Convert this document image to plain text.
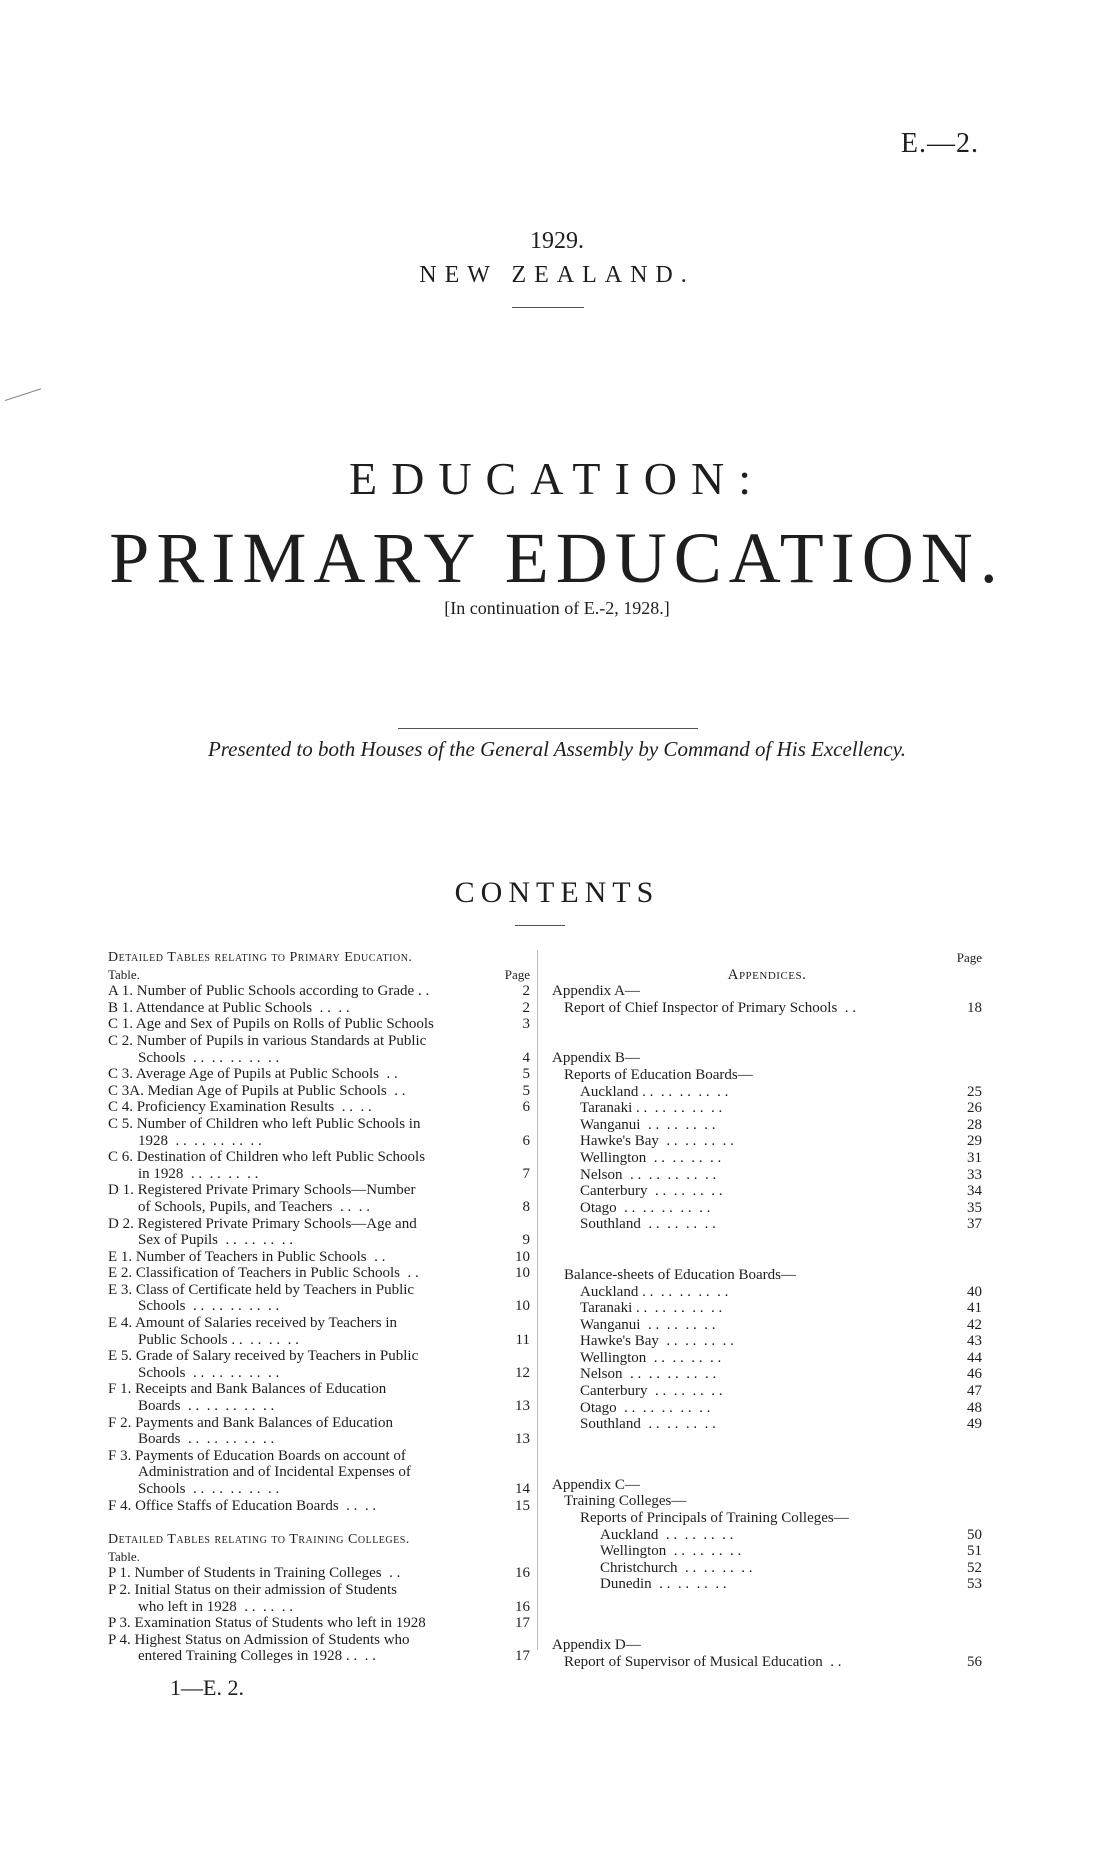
E.—2.
1929.
NEW ZEALAND.
EDUCATION:
PRIMARY EDUCATION.
[In continuation of E.-2, 1928.]
Presented to both Houses of the General Assembly by Command of His Excellency.
CONTENTS
Detailed Tables relating to Primary Education.
Table.	Page
A 1. Number of Public Schools according to Grade . .	2
B 1. Attendance at Public Schools  . .  . .	2
C 1. Age and Sex of Pupils on Rolls of Public Schools	3
C 2. Number of Pupils in various Standards at Public
Schools  . .  . .  . .  . .  . .	4
C 3. Average Age of Pupils at Public Schools  . .	5
C 3A. Median Age of Pupils at Public Schools  . .	5
C 4. Proficiency Examination Results  . .  . .	6
C 5. Number of Children who left Public Schools in
1928  . .  . .  . .  . .  . .	6
C 6. Destination of Children who left Public Schools
in 1928  . .  . .  . .  . .	7
D 1. Registered Private Primary Schools—Number
of Schools, Pupils, and Teachers  . .  . .	8
D 2. Registered Private Primary Schools—Age and
Sex of Pupils  . .  . .  . .  . .	9
E 1. Number of Teachers in Public Schools  . .	10
E 2. Classification of Teachers in Public Schools  . .	10
E 3. Class of Certificate held by Teachers in Public
Schools  . .  . .  . .  . .  . .	10
E 4. Amount of Salaries received by Teachers in
Public Schools . .  . .  . .  . .	11
E 5. Grade of Salary received by Teachers in Public
Schools  . .  . .  . .  . .  . .	12
F 1. Receipts and Bank Balances of Education
Boards  . .  . .  . .  . .  . .	13
F 2. Payments and Bank Balances of Education
Boards  . .  . .  . .  . .  . .	13
F 3. Payments of Education Boards on account of
Administration and of Incidental Expenses of
Schools  . .  . .  . .  . .  . .	14
F 4. Office Staffs of Education Boards  . .  . .	15
Detailed Tables relating to Training Colleges.
Table.
P 1. Number of Students in Training Colleges  . .	16
P 2. Initial Status on their admission of Students
who left in 1928  . .  . .  . .	16
P 3. Examination Status of Students who left in 1928	17
P 4. Highest Status on Admission of Students who
entered Training Colleges in 1928 . .  . .	17
Page
Appendices.
Appendix A—
Report of Chief Inspector of Primary Schools  . .	18
Appendix B—
Reports of Education Boards—
Auckland . .  . .  . .  . .  . .	25
Taranaki . .  . .  . .  . .  . .	26
Wanganui  . .  . .  . .  . .	28
Hawke's Bay  . .  . .  . .  . .	29
Wellington  . .  . .  . .  . .	31
Nelson  . .  . .  . .  . .  . .	33
Canterbury  . .  . .  . .  . .	34
Otago  . .  . .  . .  . .  . .	35
Southland  . .  . .  . .  . .	37
Balance-sheets of Education Boards—
Auckland . .  . .  . .  . .  . .	40
Taranaki . .  . .  . .  . .  . .	41
Wanganui  . .  . .  . .  . .	42
Hawke's Bay  . .  . .  . .  . .	43
Wellington  . .  . .  . .  . .	44
Nelson  . .  . .  . .  . .  . .	46
Canterbury  . .  . .  . .  . .	47
Otago  . .  . .  . .  . .  . .	48
Southland  . .  . .  . .  . .	49
Appendix C—
Training Colleges—
Reports of Principals of Training Colleges—
Auckland  . .  . .  . .  . .	50
Wellington  . .  . .  . .  . .	51
Christchurch  . .  . .  . .  . .	52
Dunedin  . .  . .  . .  . .	53
Appendix D—
Report of Supervisor of Musical Education  . .	56
1—E. 2.
